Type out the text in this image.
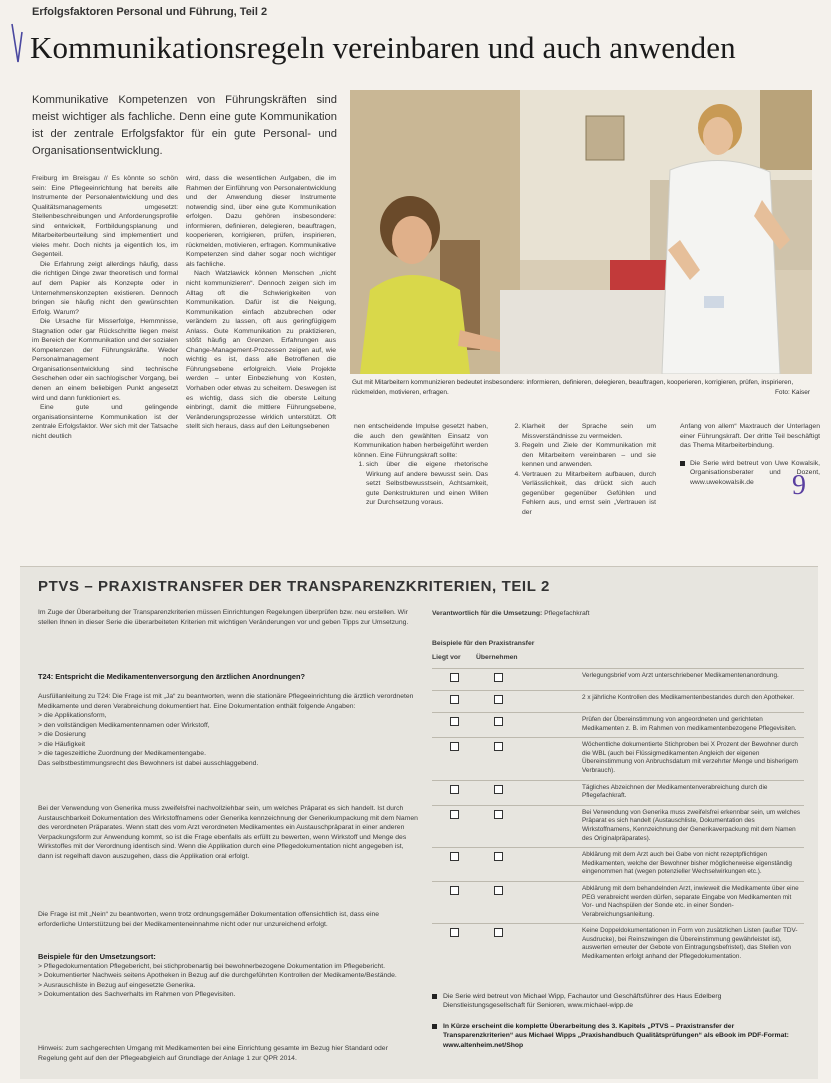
Erfolgsfaktoren Personal und Führung, Teil 2
Kommunikationsregeln vereinbaren und auch anwenden
Kommunikative Kompetenzen von Führungskräften sind meist wichtiger als fachliche. Denn eine gute Kommunikation ist der zentrale Erfolgsfaktor für ein gute Personal- und Organisationsentwicklung.
Gut mit Mitarbeitern kommunizieren bedeutet insbesondere: informieren, definieren, delegieren, beauftragen, kooperieren, korrigieren, prüfen, inspirieren, rückmelden, motivieren, erfragen.	Foto: Kaiser

Freiburg im Breisgau // Es könnte so schön sein: Eine Pflegeeinrichtung hat bereits alle Instrumente der Personalentwicklung und des Qualitätsmanagements umgesetzt: Stellenbeschreibungen und Anforderungsprofile sind entwickelt, Fortbildungsplanung und Mitarbeiterbeurteilung sind implementiert und vieles mehr. Doch nichts ja eigentlich los, im Gegenteil.

Die Erfahrung zeigt allerdings häufig, dass die richtigen Dinge zwar theoretisch und formal auf dem Papier als Konzepte oder in Unternehmenskonzepten existieren. Dennoch bringen sie häufig nicht den gewünschten Erfolg. Warum?

Die Ursache für Misserfolge, Hemmnisse, Stagnation oder gar Rückschritte liegen meist im Bereich der Kommunikation und der sozialen Kompetenzen der Führungskräfte. Weder Personalmanagement noch Organisationsentwicklung sind technische Geschehen oder ein sachlogischer Vorgang, bei denen an einem beliebigen Punkt angesetzt wird und dann funktioniert es.

Eine gute und gelingende organisationsinterne Kommunikation ist der zentrale Erfolgsfaktor. Wer sich mit der Tatsache nicht deutlich

wird, dass die wesentlichen Aufgaben, die im Rahmen der Einführung von Personalentwicklung und der Anwendung dieser Instrumente notwendig sind, über eine gute Kommunikation erfolgen. Dazu gehören insbesondere: informieren, definieren, delegieren, beauftragen, kooperieren, korrigieren, prüfen, inspirieren, rückmelden, motivieren, erfragen. Kommunikative Kompetenzen sind daher sogar noch wichtiger als fachliche.

Nach Watzlawick können Menschen „nicht nicht kommunizieren“. Dennoch zeigen sich im Alltag oft die Schwierigkeiten von Kommunikation. Dafür ist die Neigung, Kommunikation einfach abzubrechen oder verändern zu lassen, oft aus geringfügigem Anlass. Gute Kommunikation zu praktizieren, stößt häufig an Grenzen. Erfahrungen aus Change-Management-Prozessen zeigen auf, wie wichtig es ist, dass alle Betroffenen die Führungsebene erfolgreich. Viele Projekte werden – unter Einbeziehung von Kosten, Vorhaben oder etwas zu scheitern. Deswegen ist es wichtig, dass sich die oberste Leitung einbringt, damit die mittlere Führungsebene, Veränderungsprozesse wirklich unterstützt. Oft stellt sich heraus, dass auf den Leitungsebenen	nen entscheidende Impulse gesetzt haben, die auch den gewählten Einsatz von Kommunikation haben herbeigeführt werden können. Eine Führungskraft sollte:

1. sich über die eigene rhetorische Wirkung auf andere bewusst sein. Das setzt Selbstbewusstsein, Achtsamkeit, gute Denkstrukturen und einen Willen zur Durchsetzung voraus.
2. Klarheit der Sprache sein um Missverständnisse zu vermeiden.
3. Regeln und Ziele der Kommunikation mit den Mitarbeitern vereinbaren – und sie kennen und anwenden.
4. Vertrauen zu Mitarbeitern aufbauen, durch Verlässlichkeit, das drückt sich auch gegenüber gegenüber Gefühlen und Fehlern aus, und ernst sein „Vertrauen ist der

Anfang von allem“ Maxtrauch der Unterlagen einer Führungskraft. Der dritte Teil beschäftigt das Thema Mitarbeiterbindung.

Die Serie wird betreut von Uwe Kowalsik, Organisationsberater und Dozent, www.uwekowalsik.de	9
PTVS – PRAXISTRANSFER DER TRANSPARENZKRITERIEN, TEIL 2

Im Zuge der Überarbeitung der Transparenzkriterien müssen Einrichtungen Regelungen überprüfen bzw. neu erstellen. Wir stellen Ihnen in dieser Serie die überarbeiteten Kriterien mit wichtigen Veränderungen vor und geben Tipps zur Umsetzung.

T24: Entspricht die Medikamentenversorgung den ärztlichen Anordnungen?

Ausfüllanleitung zu T24: Die Frage ist mit „Ja“ zu beantworten, wenn die stationäre Pflegeeinrichtung die ärztlich verordneten Medikamente und deren Verabreichung dokumentiert hat. Eine Dokumentation enthält folgende Angaben:

> die Applikationsform,
> den vollständigen Medikamentennamen oder Wirkstoff,
> die Dosierung
> die Häufigkeit
> die tageszeitliche Zuordnung der Medikamentengabe.

Das selbstbestimmungsrecht des Bewohners ist dabei ausschlaggebend.

Bei der Verwendung von Generika muss zweifelsfrei nachvollziehbar sein, um welches Präparat es sich handelt. Ist durch Austauschbarkeit Dokumentation des Wirkstoffnamens oder Generika kennzeichnung der Generikumpackung mit dem Namen des verordneten Präparates. Wenn statt des vom Arzt verordneten Medikamentes ein Austauschpräparat in einer anderen Verpackungsform zur Anwendung kommt, so ist die Frage ebenfalls als erfüllt zu bewerten, wenn Wirkstoff und Menge des Wirkstoffes mit der Verordnung identisch sind. Wenn die Applikation durch eine Pflegedokumentation nicht angegeben ist, dann ist regelhaft davon auszugehen, dass die Applikation oral erfolgt.

Die Frage ist mit „Nein“ zu beantworten, wenn trotz ordnungsgemäßer Dokumentation offensichtlich ist, dass eine erforderliche Unterstützung bei der Medikamenteneinnahme nicht oder nur unzureichend erfolgt.

Beispiele für den Umsetzungsort:

> Pflegedokumentation Pflegebericht, bei stichprobenartig bei bewohnerbezogene Dokumentation im Pflegebericht.
> Dokumentierter Nachweis seitens Apotheken in Bezug auf die durchgeführten Kontrollen der Medikamente/Bestände.
> Ausrauschliste in Bezug auf eingesetzte Generika.
> Dokumentation des Sachverhalts im Rahmen von Pflegevisiten.

Hinweis: zum sachgerechten Umgang mit Medikamenten bei eine Einrichtung gesamte im Bezug hier Standard oder Regelung geht auf den der Pflegeabgleich auf Grundlage der Anlage 1 zur QPR 2014.

Verantwortlich für die Umsetzung: Pflegefachkraft
Beispiele für den Praxistransfer
Liegt vor Übernehmen
Verlegungsbrief vom Arzt unterschriebener Medikamentenanordnung.
2 x jährliche Kontrollen des Medikamentenbestandes durch den Apotheker.
Prüfen der Übereinstimmung von angeordneten und gerichteten Medikamenten z. B. im Rahmen von medikamentenbezogene Pflegevisiten.
Wöchentliche dokumentierte Stichproben bei X Prozent der Bewohner durch die WBL (auch bei Flüssigmedikamenten Angleich der eigenen Übereinstimmung von Anbruchsdatum mit verzehrter Menge und bisherigem Verbrauch).
Tägliches Abzeichnen der Medikamentenverabreichung durch die Pflegefachkraft.
Bei Verwendung von Generika muss zweifelsfrei erkennbar sein, um welches Präparat es sich handelt (Austauschliste, Dokumentation des Wirkstoffnamens, Kennzeichnung der Generikaverpackung mit dem Namen des Originalpräparates).
Abklärung mit dem Arzt auch bei Gabe von nicht rezeptpflichtigen Medikamenten, welche der Bewohner bisher möglicherweise eigenständig eingenommen hat (wegen potenzieller Wechselwirkungen etc.).
Abklärung mit dem behandelnden Arzt, inwieweit die Medikamente über eine PEG verabreicht werden dürfen, separate Eingabe von Medikamenten mit Vor- und Nachspülen der Sonde etc. in einer Sonden-Verabreichungsanleitung.
Keine Doppeldokumentationen in Form von zusätzlichen Listen (außer TDV-Ausdrucke), bei Reinszwingen die Übereinstimmung gewährleistet ist), auswerten erneuter der Gebote von Eintragungsbefristet), das Stellen von Medikamenten erfolgt anhand der Pflegedokumentation.
Die Serie wird betreut von Michael Wipp, Fachautor und Geschäftsführer des Haus Edelberg Dienstleistungsgesellschaft für Senioren, www.michael-wipp.de
In Kürze erscheint die komplette Überarbeitung des 3. Kapitels „PTVS – Praxistransfer der Transparenzkriterien“ aus Michael Wipps „Praxishandbuch Qualitätsprüfungen“ als eBook im PDF-Format: www.altenheim.net/Shop
